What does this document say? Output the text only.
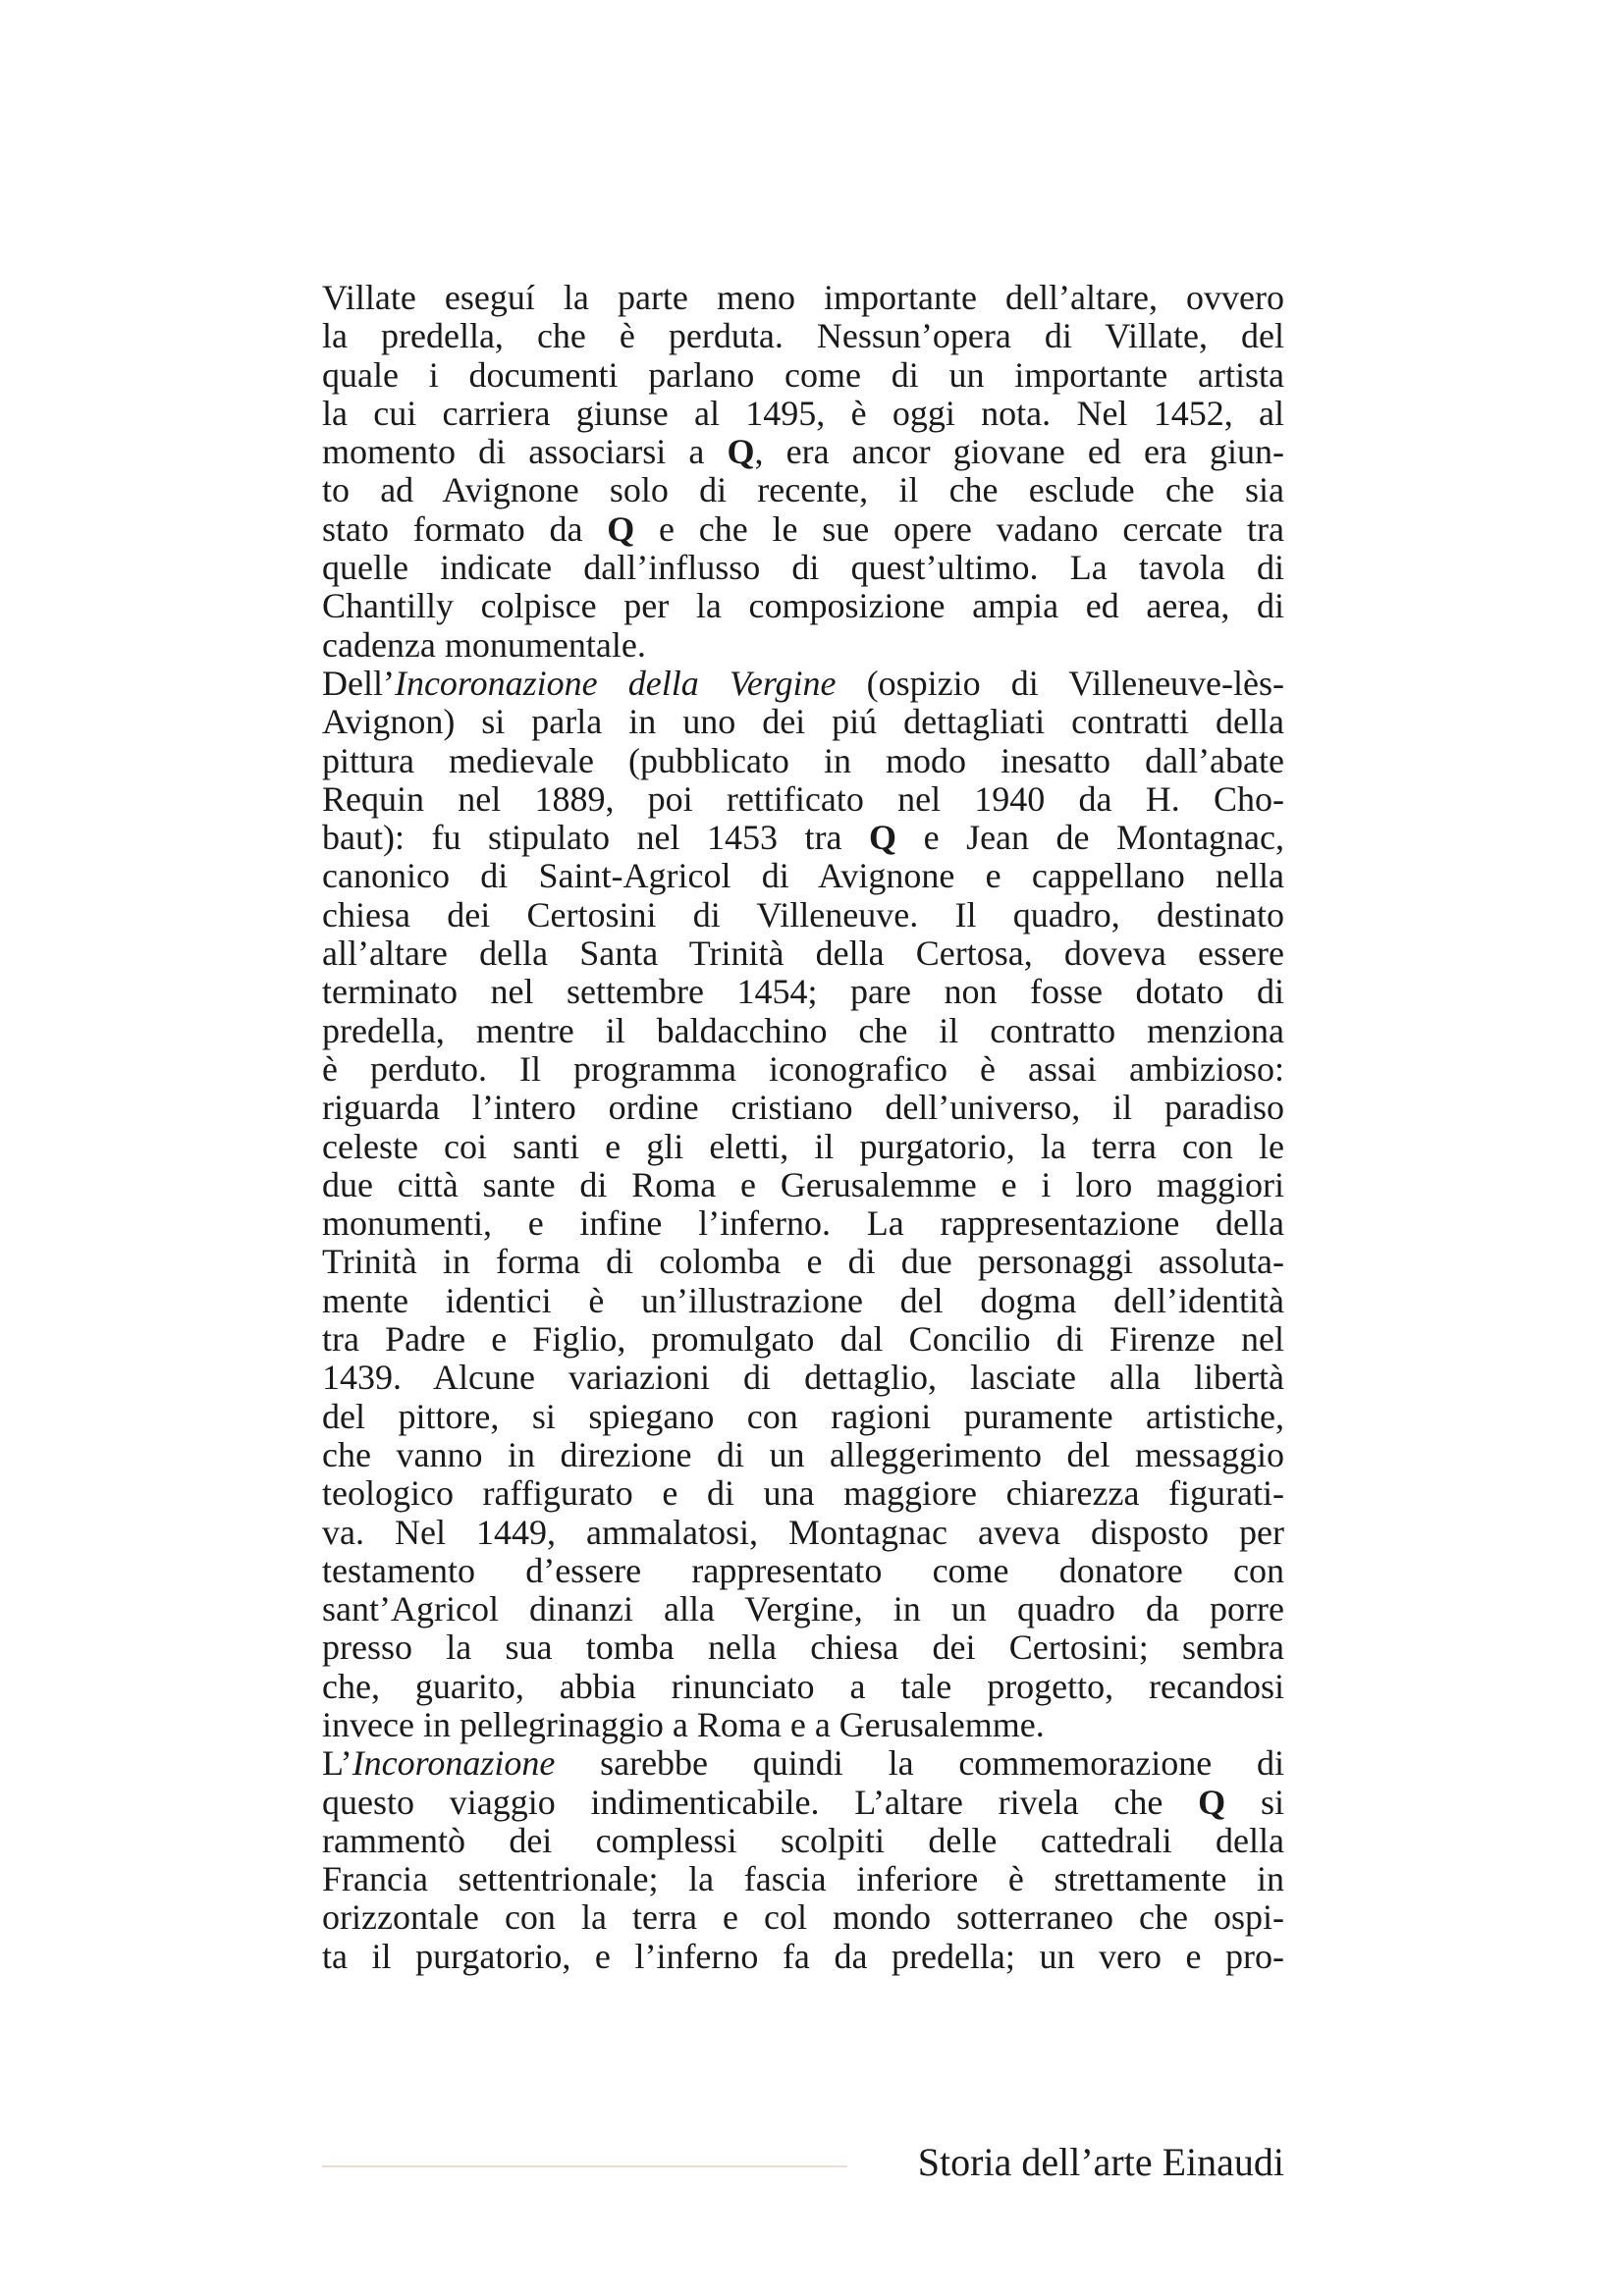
Villate eseguí la parte meno importante dell’altare, ovvero
la predella, che è perduta. Nessun’opera di Villate, del
quale i documenti parlano come di un importante artista
la cui carriera giunse al 1495, è oggi nota. Nel 1452, al
momento di associarsi a Q, era ancor giovane ed era giun-
to ad Avignone solo di recente, il che esclude che sia
stato formato da Q e che le sue opere vadano cercate tra
quelle indicate dall’influsso di quest’ultimo. La tavola di
Chantilly colpisce per la composizione ampia ed aerea, di
cadenza monumentale.
Dell’Incoronazione della Vergine (ospizio di Villeneuve-lès-
Avignon) si parla in uno dei piú dettagliati contratti della
pittura medievale (pubblicato in modo inesatto dall’abate
Requin nel 1889, poi rettificato nel 1940 da H. Cho-
baut): fu stipulato nel 1453 tra Q e Jean de Montagnac,
canonico di Saint-Agricol di Avignone e cappellano nella
chiesa dei Certosini di Villeneuve. Il quadro, destinato
all’altare della Santa Trinità della Certosa, doveva essere
terminato nel settembre 1454; pare non fosse dotato di
predella, mentre il baldacchino che il contratto menziona
è perduto. Il programma iconografico è assai ambizioso:
riguarda l’intero ordine cristiano dell’universo, il paradiso
celeste coi santi e gli eletti, il purgatorio, la terra con le
due città sante di Roma e Gerusalemme e i loro maggiori
monumenti, e infine l’inferno. La rappresentazione della
Trinità in forma di colomba e di due personaggi assoluta-
mente identici è un’illustrazione del dogma dell’identità
tra Padre e Figlio, promulgato dal Concilio di Firenze nel
1439. Alcune variazioni di dettaglio, lasciate alla libertà
del pittore, si spiegano con ragioni puramente artistiche,
che vanno in direzione di un alleggerimento del messaggio
teologico raffigurato e di una maggiore chiarezza figurati-
va. Nel 1449, ammalatosi, Montagnac aveva disposto per
testamento d’essere rappresentato come donatore con
sant’Agricol dinanzi alla Vergine, in un quadro da porre
presso la sua tomba nella chiesa dei Certosini; sembra
che, guarito, abbia rinunciato a tale progetto, recandosi
invece in pellegrinaggio a Roma e a Gerusalemme.
L’Incoronazione sarebbe quindi la commemorazione di
questo viaggio indimenticabile. L’altare rivela che Q si
rammentò dei complessi scolpiti delle cattedrali della
Francia settentrionale; la fascia inferiore è strettamente in
orizzontale con la terra e col mondo sotterraneo che ospi-
ta il purgatorio, e l’inferno fa da predella; un vero e pro-
Storia dell’arte Einaudi
